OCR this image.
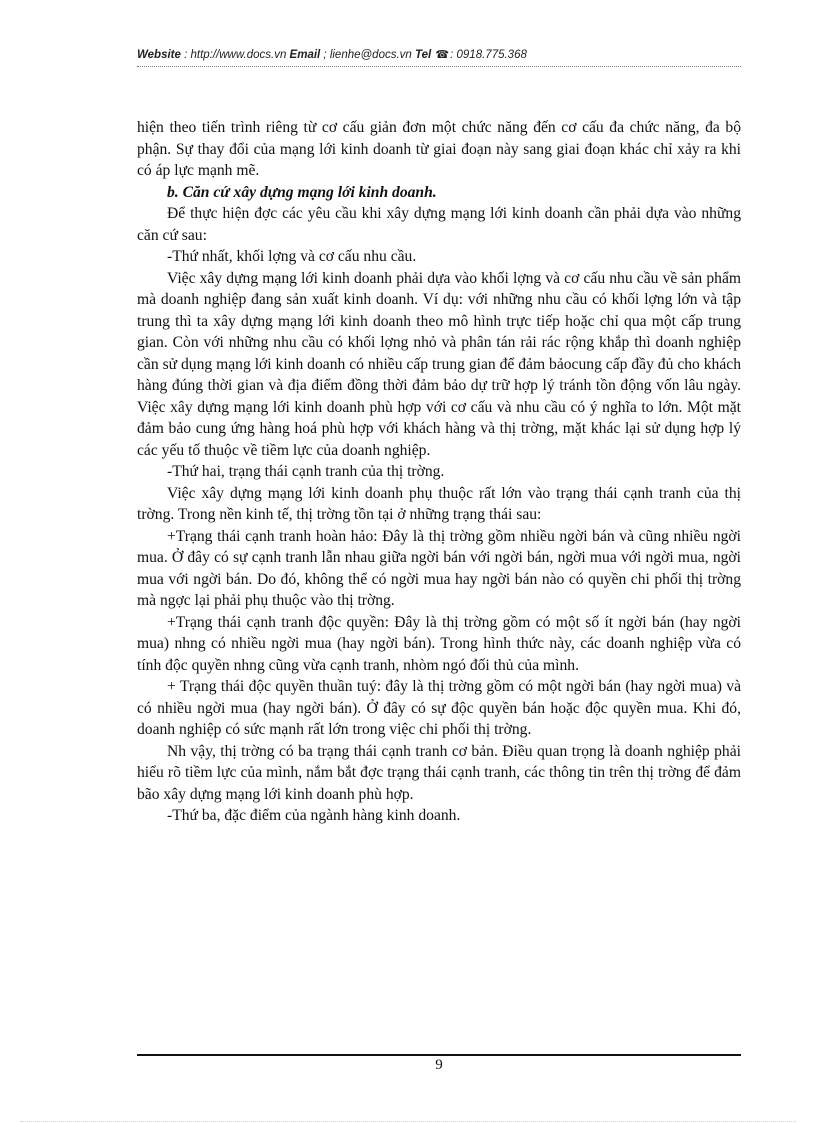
Website : http://www.docs.vn Email ; lienhe@docs.vn Tel ☎: 0918.775.368

hiện theo tiến trình riêng từ cơ cấu giản đơn một chức năng đến cơ cấu đa chức năng, đa bộ phận. Sự thay đổi của mạng lới kinh doanh từ giai đoạn này sang giai đoạn khác chỉ xảy ra khi có áp lực mạnh mẽ.

b. Căn cứ xây dựng mạng lới kinh doanh.

Để thực hiện đợc các yêu cầu khi xây dựng mạng lới kinh doanh cần phải dựa vào những căn cứ sau:

-Thứ nhất, khối lợng và cơ cấu nhu cầu.

Việc xây dựng mạng lới kinh doanh phải dựa vào khối lợng và cơ cấu nhu cầu về sản phẩm mà doanh nghiệp đang sản xuất kinh doanh. Ví dụ: với những nhu cầu có khối lợng lớn và tập trung thì ta xây dựng mạng lới kinh doanh theo mô hình trực tiếp hoặc chỉ qua một cấp trung gian. Còn với những nhu cầu có khối lợng nhỏ và phân tán rải rác rộng khắp thì doanh nghiệp cần sử dụng mạng lới kinh doanh có nhiều cấp trung gian để đảm bảocung cấp đầy đủ cho khách hàng đúng thời gian và địa điểm đồng thời đảm bảo dự trữ hợp lý tránh tồn động vốn lâu ngày. Việc xây dựng mạng lới kinh doanh phù hợp với cơ cấu và nhu cầu có ý nghĩa to lớn. Một mặt đảm bảo cung ứng hàng hoá phù hợp với khách hàng và thị trờng, mặt khác lại sử dụng hợp lý các yếu tố thuộc về tiềm lực của doanh nghiệp.

-Thứ hai, trạng thái cạnh tranh của thị trờng.

Việc xây dựng mạng lới kinh doanh phụ thuộc rất lớn vào trạng thái cạnh tranh của thị trờng. Trong nền kinh tế, thị trờng tồn tại ở những trạng thái sau:

+Trạng thái cạnh tranh hoàn hảo: Đây là thị trờng gồm nhiều ngời bán và cũng nhiều ngời mua. Ở đây có sự cạnh tranh lẫn nhau giữa ngời bán với ngời bán, ngời mua với ngời mua, ngời mua với ngời bán. Do đó, không thể có ngời mua hay ngời bán nào có quyền chi phối thị trờng mà ngợc lại phải phụ thuộc vào thị trờng.

+Trạng thái cạnh tranh độc quyền: Đây là thị trờng gồm có một số ít ngời bán (hay ngời mua) nhng có nhiều ngời mua (hay ngời bán). Trong hình thức này, các doanh nghiệp vừa có tính độc quyền nhng cũng vừa cạnh tranh, nhòm ngó đối thủ của mình.

+ Trạng thái độc quyền thuần tuý: đây là thị trờng gồm có một ngời bán (hay ngời mua) và có nhiều ngời mua (hay ngời bán). Ở đây có sự độc quyền bán hoặc độc quyền mua. Khi đó, doanh nghiệp có sức mạnh rất lớn trong việc chi phối thị trờng.

Nh vậy, thị trờng có ba trạng thái cạnh tranh cơ bản. Điều quan trọng là doanh nghiệp phải hiểu rõ tiềm lực của mình, nắm bắt đợc trạng thái cạnh tranh, các thông tin trên thị trờng để đảm bão xây dựng mạng lới kinh doanh phù hợp.

-Thứ ba, đặc điểm của ngành hàng kinh doanh.

9
